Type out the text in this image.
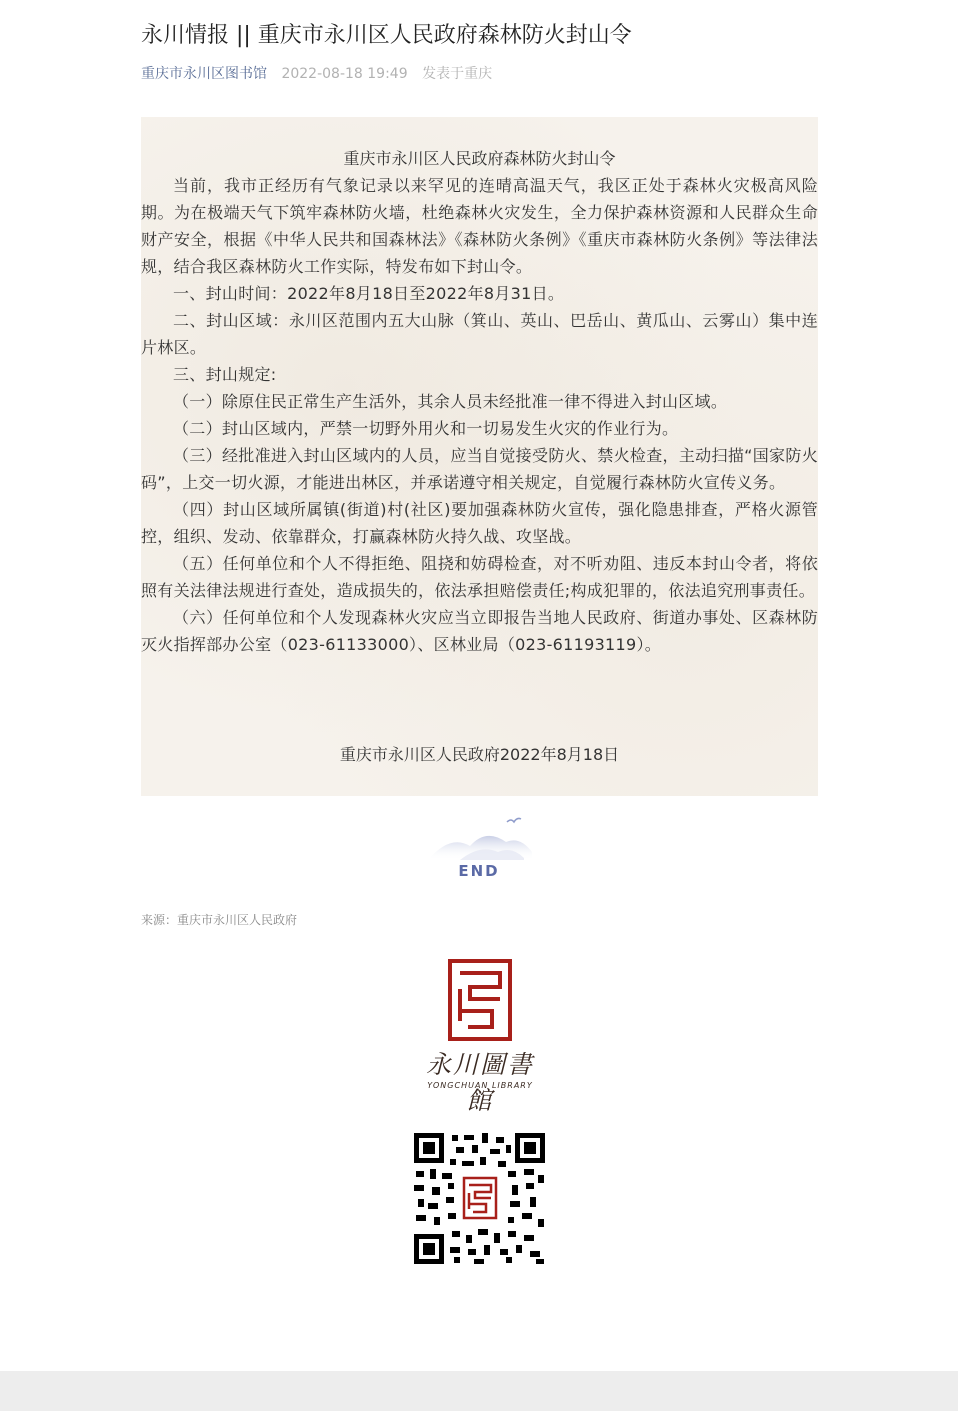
永川情报 || 重庆市永川区人民政府森林防火封山令
重庆市永川区图书馆 2022-08-18 19:49 发表于重庆
重庆市永川区人民政府森林防火封山令

当前，我市正经历有气象记录以来罕见的连晴高温天气，我区正处于森林火灾极高风险期。为在极端天气下筑牢森林防火墙，杜绝森林火灾发生，全力保护森林资源和人民群众生命财产安全，根据《中华人民共和国森林法》《森林防火条例》《重庆市森林防火条例》等法律法规，结合我区森林防火工作实际，特发布如下封山令。

一、封山时间：2022年8月18日至2022年8月31日。

二、封山区域：永川区范围内五大山脉（箕山、英山、巴岳山、黄瓜山、云雾山）集中连片林区。

三、封山规定:

（一）除原住民正常生产生活外，其余人员未经批准一律不得进入封山区域。

（二）封山区域内，严禁一切野外用火和一切易发生火灾的作业行为。

（三）经批准进入封山区域内的人员，应当自觉接受防火、禁火检查，主动扫描“国家防火码”，上交一切火源，才能进出林区，并承诺遵守相关规定，自觉履行森林防火宣传义务。

（四）封山区域所属镇(街道)村(社区)要加强森林防火宣传，强化隐患排查，严格火源管控，组织、发动、依靠群众，打赢森林防火持久战、攻坚战。

（五）任何单位和个人不得拒绝、阻挠和妨碍检查，对不听劝阻、违反本封山令者，将依照有关法律法规进行查处，造成损失的，依法承担赔偿责任;构成犯罪的，依法追究刑事责任。

（六）任何单位和个人发现森林火灾应当立即报告当地人民政府、街道办事处、区森林防灭火指挥部办公室（023-61133000）、区林业局（023-61193119）。

重庆市永川区人民政府2022年8月18日
END
来源：重庆市永川区人民政府
永川圖書館
YONGCHUAN LIBRARY
